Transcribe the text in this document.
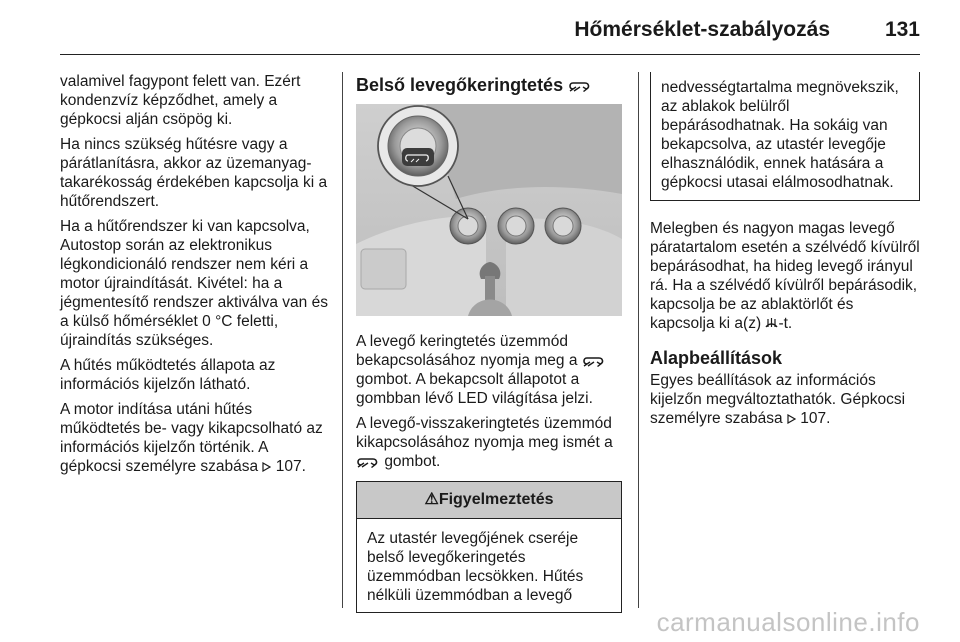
Hőmérséklet-szabályozás	131

valamivel fagypont felett van. Ezért kondenzvíz képződhet, amely a gépkocsi alján csöpög ki.

Ha nincs szükség hűtésre vagy a párátlanításra, akkor az üzemanyag-takarékosság érdekében kapcsolja ki a hűtőrendszert.

Ha a hűtőrendszer ki van kapcsolva, Autostop során az elektronikus légkondicionáló rendszer nem kéri a motor újraindítását. Kivétel: ha a jégmentesítő rendszer aktiválva van és a külső hőmérséklet 0 °C feletti, újraindítás szükséges.

A hűtés működtetés állapota az információs kijelzőn látható.

A motor indítása utáni hűtés működtetés be- vagy kikapcsolható az információs kijelzőn történik. A gépkocsi személyre szabása 107.

Belső levegőkeringtetés

A levegő keringtetés üzemmód bekapcsolásához nyomja meg a  gombot. A bekapcsolt állapotot a gombban lévő LED világítása jelzi.

A levegő-visszakeringtetés üzemmód kikapcsolásához nyomja meg ismét a  gombot.

⚠Figyelmeztetés
Az utastér levegőjének cseréje belső levegőkeringetés üzemmódban lecsökken. Hűtés nélküli üzemmódban a levegő
nedvességtartalma megnövekszik, az ablakok belülről bepárásodhatnak. Ha sokáig van bekapcsolva, az utastér levegője elhasználódik, ennek hatására a gépkocsi utasai elálmosodhatnak.

Melegben és nagyon magas levegő páratartalom esetén a szélvédő kívülről bepárásodhat, ha hideg levegő irányul rá. Ha a szélvédő kívülről bepárásodik, kapcsolja be az ablaktörlőt és kapcsolja ki a(z) -t.

Alapbeállítások

Egyes beállítások az információs kijelzőn megváltoztathatók. Gépkocsi személyre szabása 107.

carmanualsonline.info
